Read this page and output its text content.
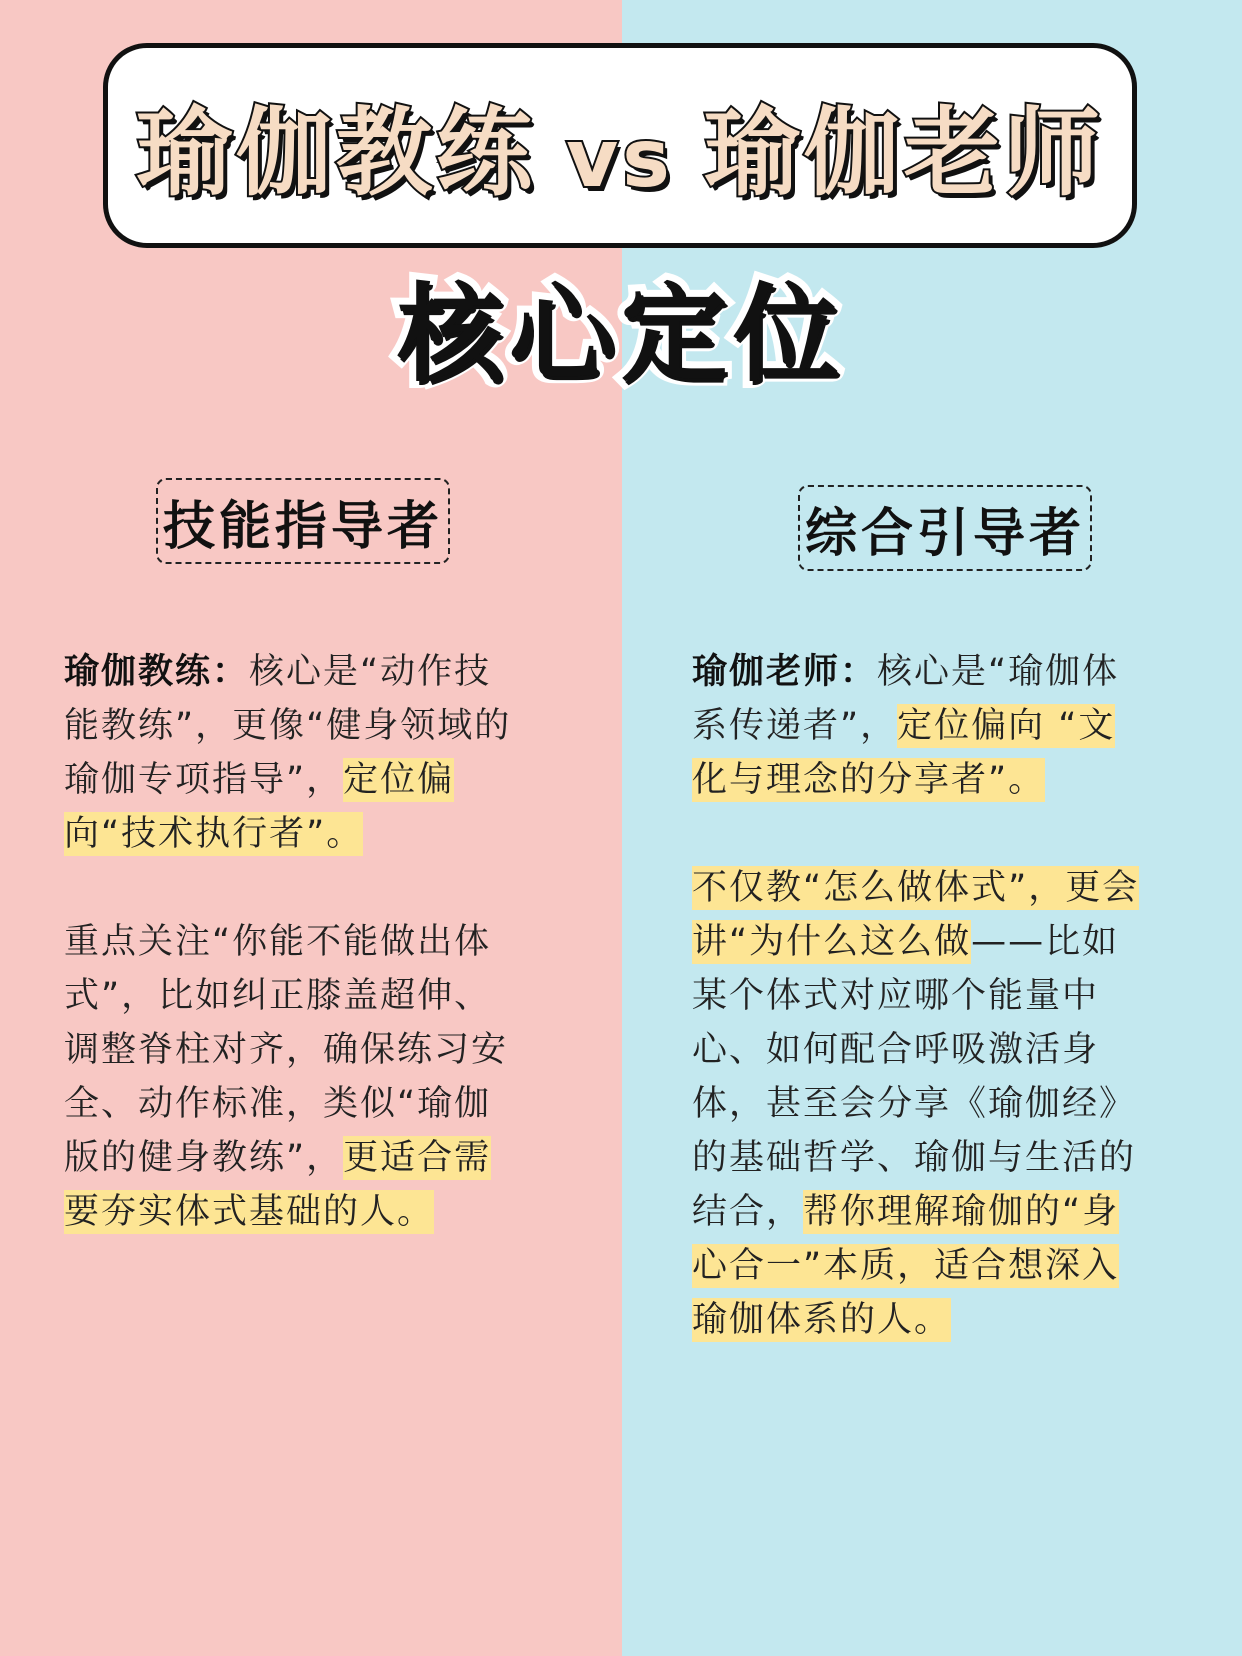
瑜伽教练 vs 瑜伽老师
核心定位
技能指导者	综合引导者

瑜伽教练：核心是“动作技能教练”，更像“健身领域的瑜伽专项指导”，定位偏向“技术执行者”。

重点关注“你能不能做出体式”，比如纠正膝盖超伸、调整脊柱对齐，确保练习安全、动作标准，类似“瑜伽版的健身教练”，更适合需要夯实体式基础的人。

瑜伽老师：核心是“瑜伽体系传递者”，定位偏向 “文化与理念的分享者”。

不仅教“怎么做体式”，更会讲“为什么这么做——比如某个体式对应哪个能量中心、如何配合呼吸激活身体，甚至会分享《瑜伽经》的基础哲学、瑜伽与生活的结合，帮你理解瑜伽的“身心合一”本质，适合想深入瑜伽体系的人。
